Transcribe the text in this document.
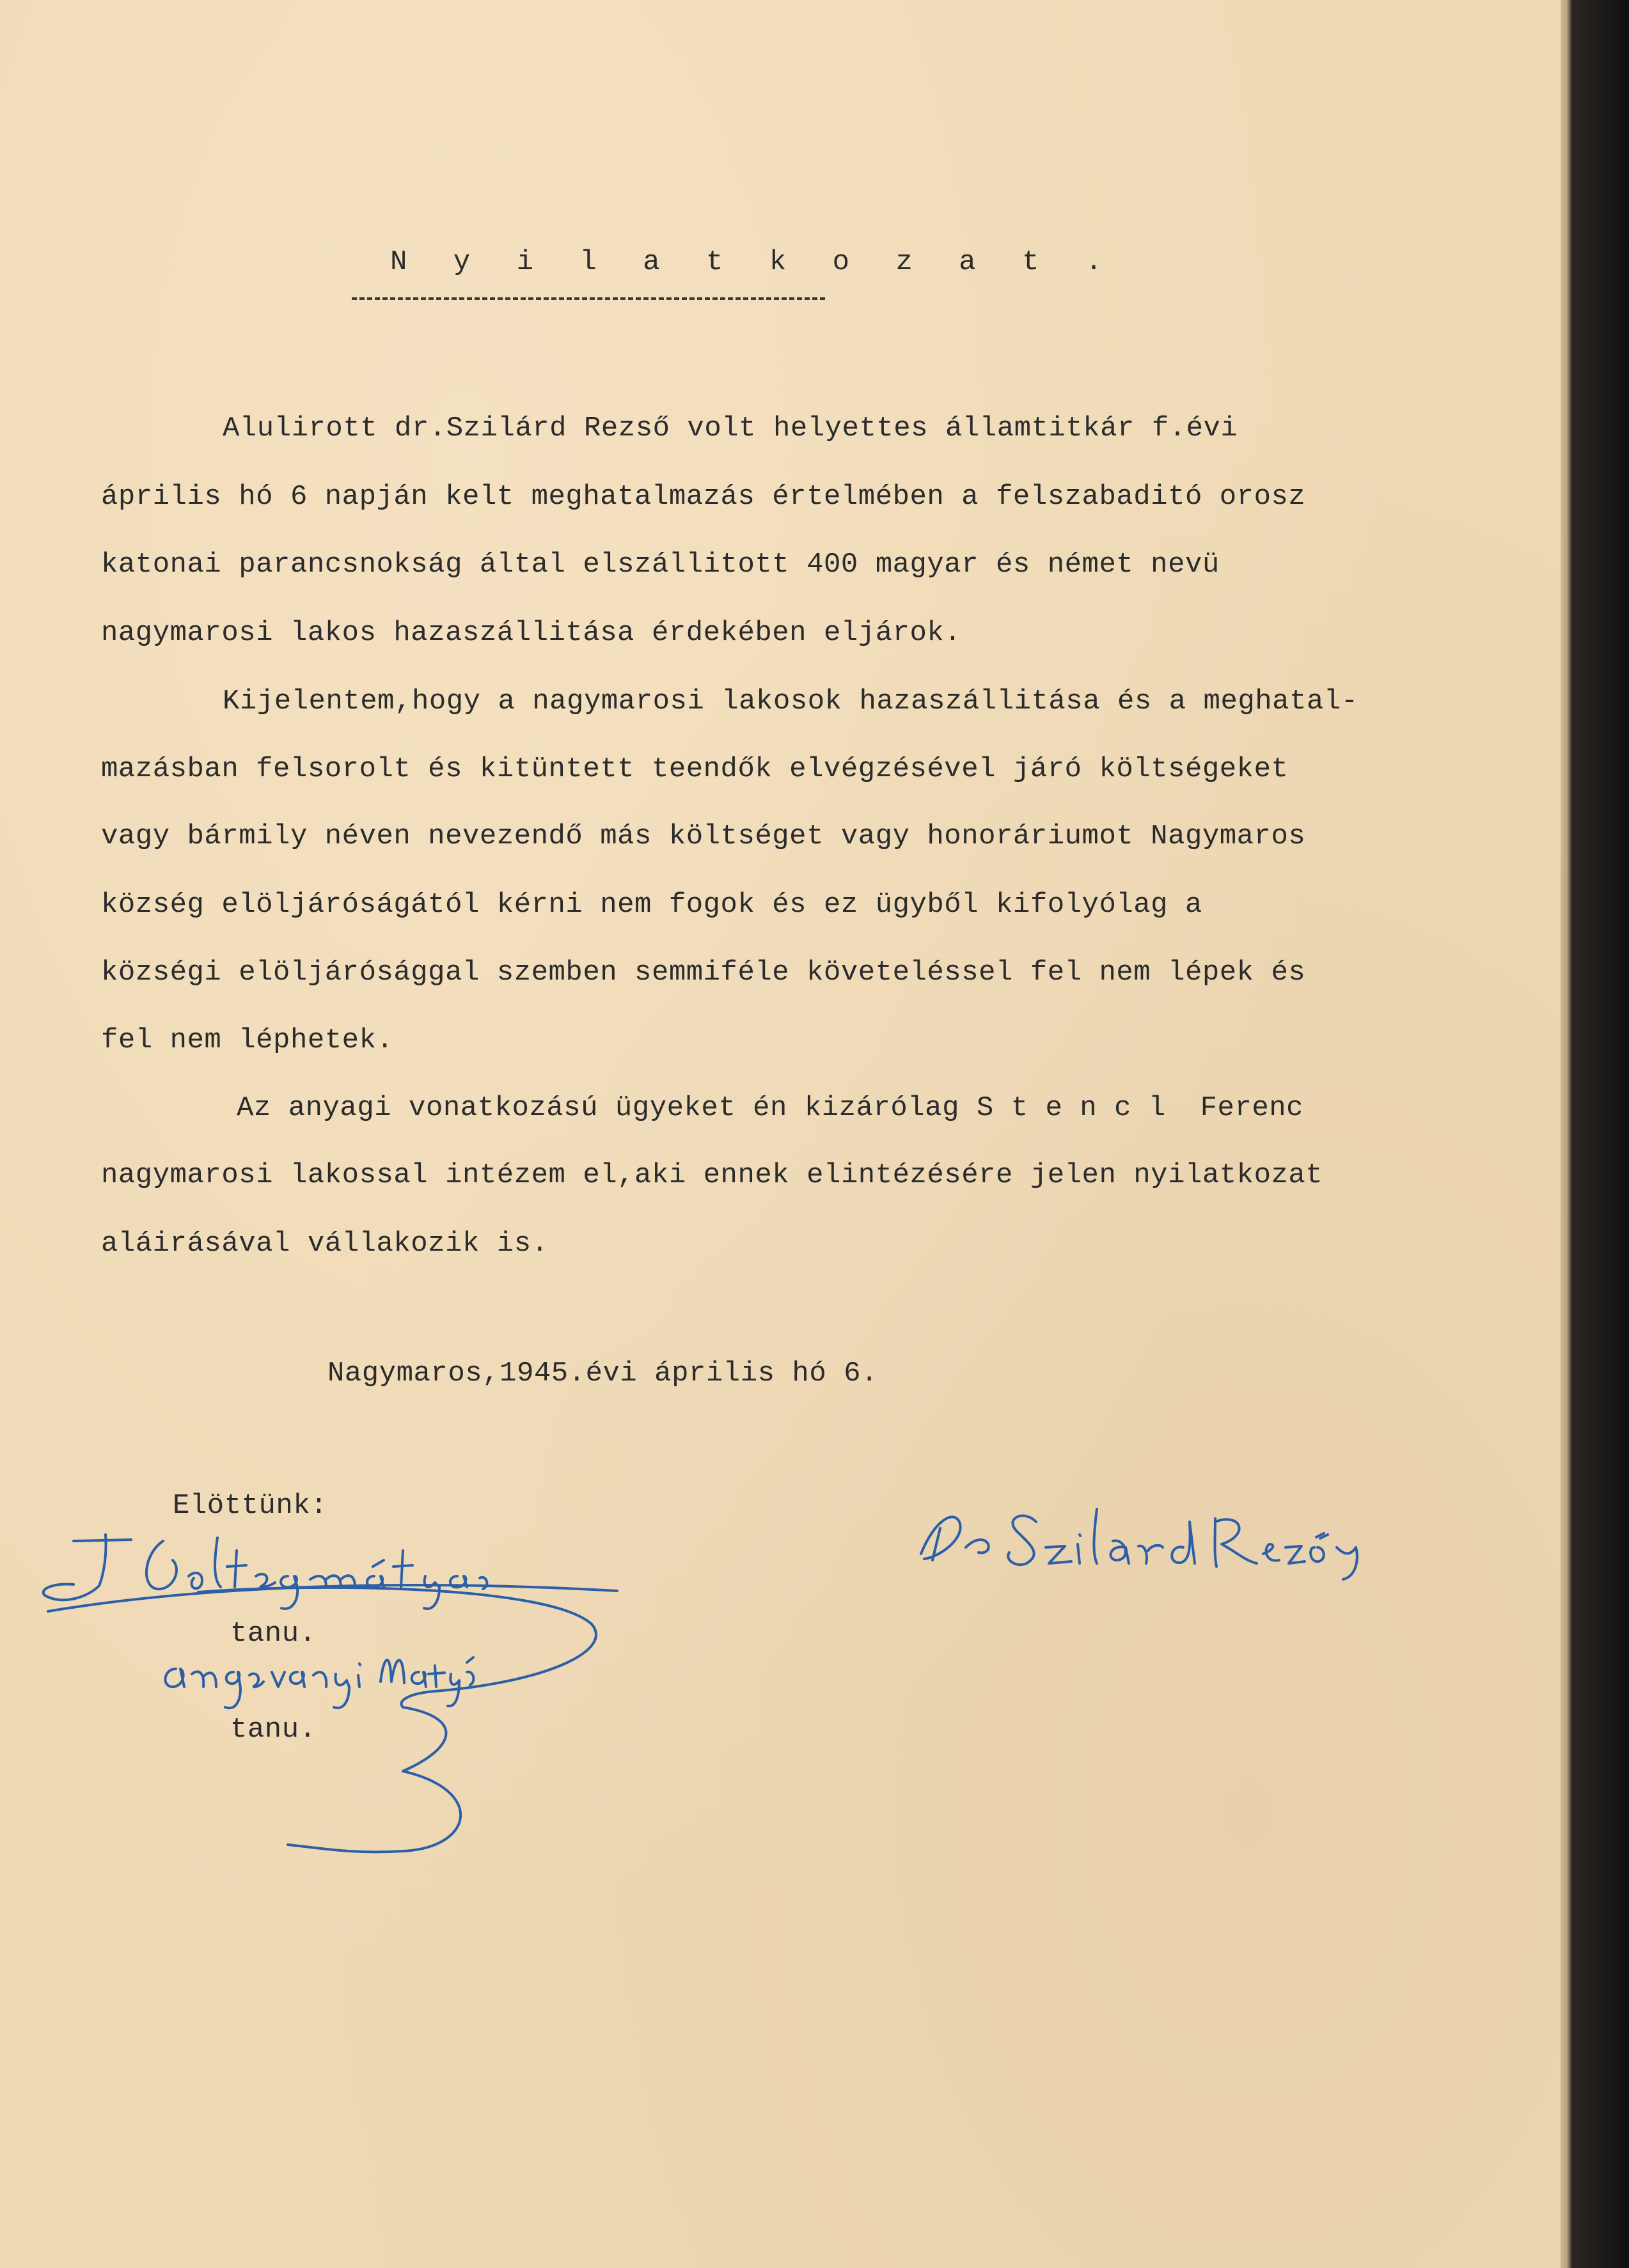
N y i l a t k o z a t .

Alulirott dr.Szilárd Rezső volt helyettes államtitkár f.évi

április hó 6 napján kelt meghatalmazás értelmében a felszabaditó orosz

katonai parancsnokság által elszállitott 400 magyar és német nevü

nagymarosi lakos hazaszállitása érdekében eljárok.

Kijelentem,hogy a nagymarosi lakosok hazaszállitása és a meghatal-

mazásban felsorolt és kitüntett teendők elvégzésével járó költségeket

vagy bármily néven nevezendő más költséget vagy honoráriumot Nagymaros

község elöljáróságától kérni nem fogok és ez ügyből kifolyólag a

községi elöljárósággal szemben semmiféle követeléssel fel nem lépek és

fel nem léphetek.

Az anyagi vonatkozású ügyeket én kizárólag S t e n c l  Ferenc

nagymarosi lakossal intézem el,aki ennek elintézésére jelen nyilatkozat

aláirásával vállakozik is.

Nagymaros,1945.évi április hó 6.

Elöttünk:

tanu.

tanu.
